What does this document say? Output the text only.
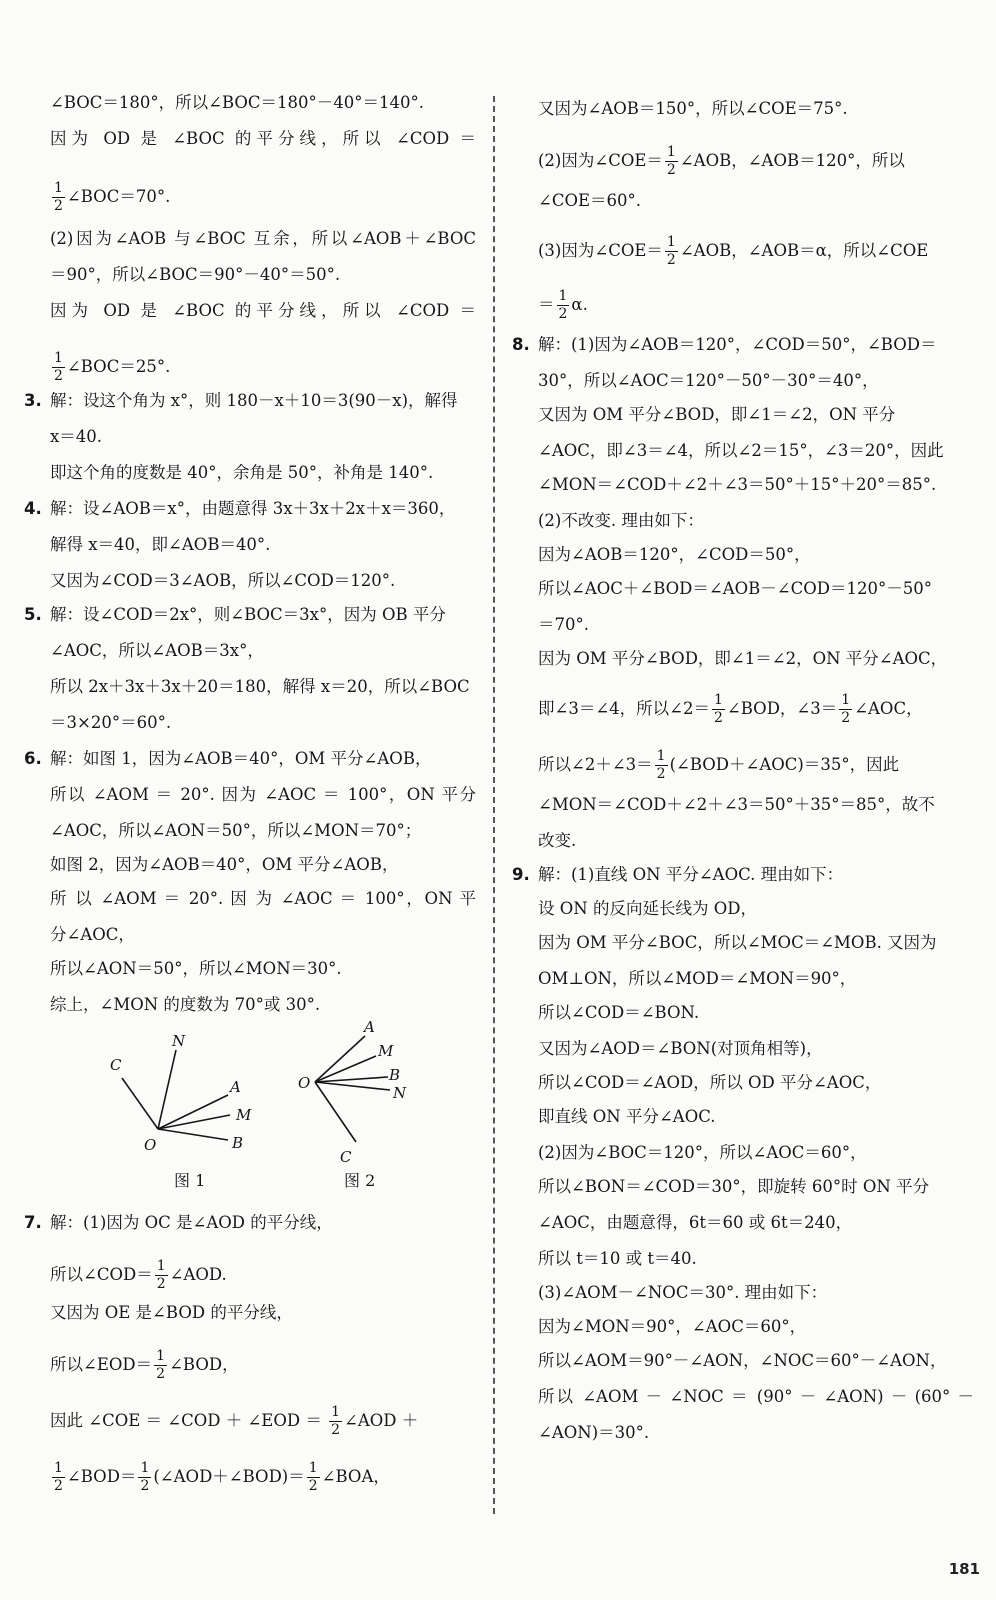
∠BOC＝180°，所以∠BOC＝180°－40°＝140°.
因为 OD 是 ∠BOC 的平分线，所以 ∠COD ＝
$\frac{1}{2}$ ∠BOC＝70°.
(2)因为∠AOB 与∠BOC 互余，所以∠AOB＋∠BOC
＝90°，所以∠BOC＝90°－40°＝50°.
因为 OD 是 ∠BOC 的平分线，所以 ∠COD ＝
$\frac{1}{2}$ ∠BOC＝25°.
3. 解：设这个角为 x°，则 180－x＋10＝3(90－x)，解得
x＝40.
即这个角的度数是 40°，余角是 50°，补角是 140°.
4. 解：设∠AOB＝x°，由题意得 3x＋3x＋2x＋x＝360，
解得 x＝40，即∠AOB＝40°.
又因为∠COD＝3∠AOB，所以∠COD＝120°.
5. 解：设∠COD＝2x°，则∠BOC＝3x°，因为 OB 平分
∠AOC，所以∠AOB＝3x°，
所以 2x＋3x＋3x＋20＝180，解得 x＝20，所以∠BOC
＝3×20°＝60°.
6. 解：如图 1，因为∠AOB＝40°，OM 平分∠AOB，
所以 ∠AOM ＝ 20°. 因为 ∠AOC ＝ 100°，ON 平分
∠AOC，所以∠AON＝50°，所以∠MON＝70°；
如图 2，因为∠AOB＝40°，OM 平分∠AOB，
所 以 ∠AOM ＝ 20°. 因 为 ∠AOC ＝ 100°，ON 平
分∠AOC，
所以∠AON＝50°，所以∠MON＝30°.
综上，∠MON 的度数为 70°或 30°.
7. 解：(1)因为 OC 是∠AOD 的平分线，
所以∠COD＝ $\frac{1}{2}$ ∠AOD.
又因为 OE 是∠BOD 的平分线，
所以∠EOD＝ $\frac{1}{2}$ ∠BOD，
因此 ∠COE ＝ ∠COD ＋ ∠EOD ＝ $\frac{1}{2}$ ∠AOD ＋
$\frac{1}{2}$ ∠BOD＝ $\frac{1}{2}$ (∠AOD＋∠BOD)＝ $\frac{1}{2}$ ∠BOA，
又因为∠AOB＝150°，所以∠COE＝75°.
(2)因为∠COE＝ $\frac{1}{2}$ ∠AOB，∠AOB＝120°，所以
∠COE＝60°.
(3)因为∠COE＝ $\frac{1}{2}$ ∠AOB，∠AOB＝α，所以∠COE
＝ $\frac{1}{2} \alpha$.
8. 解：(1)因为∠AOB＝120°，∠COD＝50°，∠BOD＝
30°，所以∠AOC＝120°－50°－30°＝40°，
又因为 OM 平分∠BOD，即∠1＝∠2，ON 平分
∠AOC，即∠3＝∠4，所以∠2＝15°，∠3＝20°，因此
∠MON＝∠COD＋∠2＋∠3＝50°＋15°＋20°＝85°.
(2)不改变. 理由如下：
因为∠AOB＝120°，∠COD＝50°，
所以∠AOC＋∠BOD＝∠AOB－∠COD＝120°－50°
＝70°.
因为 OM 平分∠BOD，即∠1＝∠2，ON 平分∠AOC，
即∠3＝∠4，所以∠2＝ $\frac{1}{2}$ ∠BOD，∠3＝ $\frac{1}{2}$ ∠AOC，
所以∠2＋∠3＝ $\frac{1}{2}$ (∠BOD＋∠AOC)＝35°，因此
∠MON＝∠COD＋∠2＋∠3＝50°＋35°＝85°，故不
改变.
9. 解：(1)直线 ON 平分∠AOC. 理由如下：
设 ON 的反向延长线为 OD，
因为 OM 平分∠BOC，所以∠MOC＝∠MOB. 又因为
OM⊥ON，所以∠MOD＝∠MON＝90°，
所以∠COD＝∠BON.
又因为∠AOD＝∠BON(对顶角相等)，
所以∠COD＝∠AOD，所以 OD 平分∠AOC，
即直线 ON 平分∠AOC.
(2)因为∠BOC＝120°，所以∠AOC＝60°，
所以∠BON＝∠COD＝30°，即旋转 60°时 ON 平分
∠AOC，由题意得，6t＝60 或 6t＝240，
所以 t＝10 或 t＝40.
(3)∠AOM－∠NOC＝30°. 理由如下：
因为∠MON＝90°，∠AOC＝60°，
所以∠AOM＝90°－∠AON，∠NOC＝60°－∠AON，
所以 ∠AOM － ∠NOC ＝ (90° － ∠AON) － (60° －
∠AON)＝30°.
C
N
A
M
B
O
图 1
A
M
O	B
N
C
图 2
181
